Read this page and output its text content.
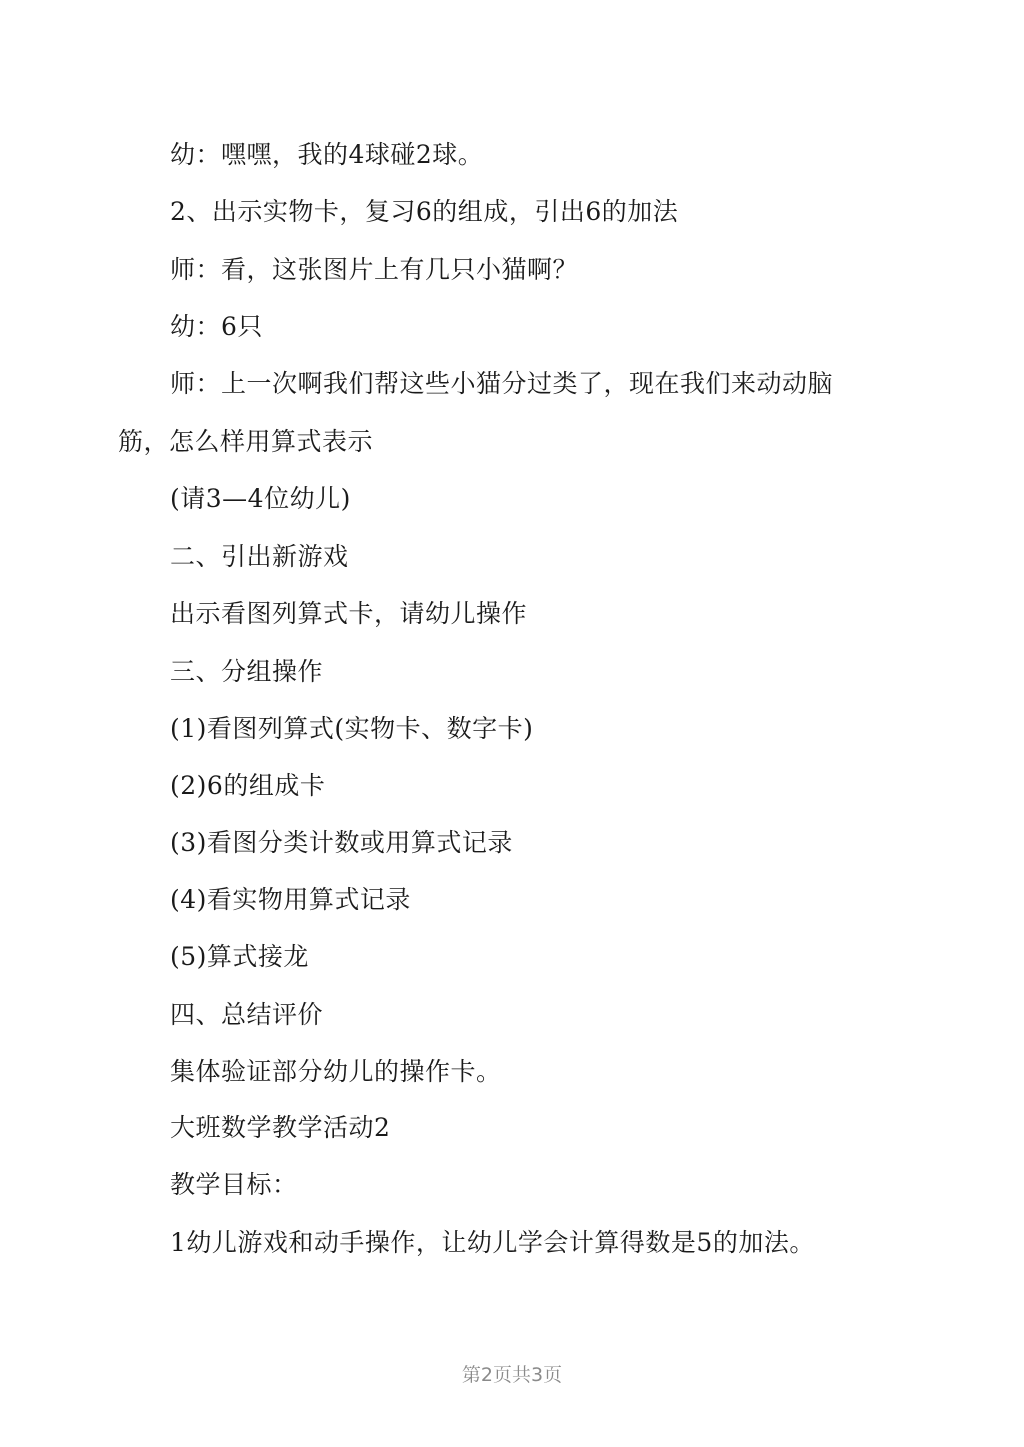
幼：嘿嘿，我的4球碰2球。

2、出示实物卡，复习6的组成，引出6的加法

师：看，这张图片上有几只小猫啊？

幼：6只

师：上一次啊我们帮这些小猫分过类了，现在我们来动动脑

筋，怎么样用算式表示

(请3—4位幼儿)

二、引出新游戏

出示看图列算式卡，请幼儿操作

三、分组操作

(1)看图列算式(实物卡、数字卡)

(2)6的组成卡

(3)看图分类计数或用算式记录

(4)看实物用算式记录

(5)算式接龙

四、总结评价

集体验证部分幼儿的操作卡。

大班数学教学活动2

教学目标：

1幼儿游戏和动手操作，让幼儿学会计算得数是5的加法。

第2页共3页
